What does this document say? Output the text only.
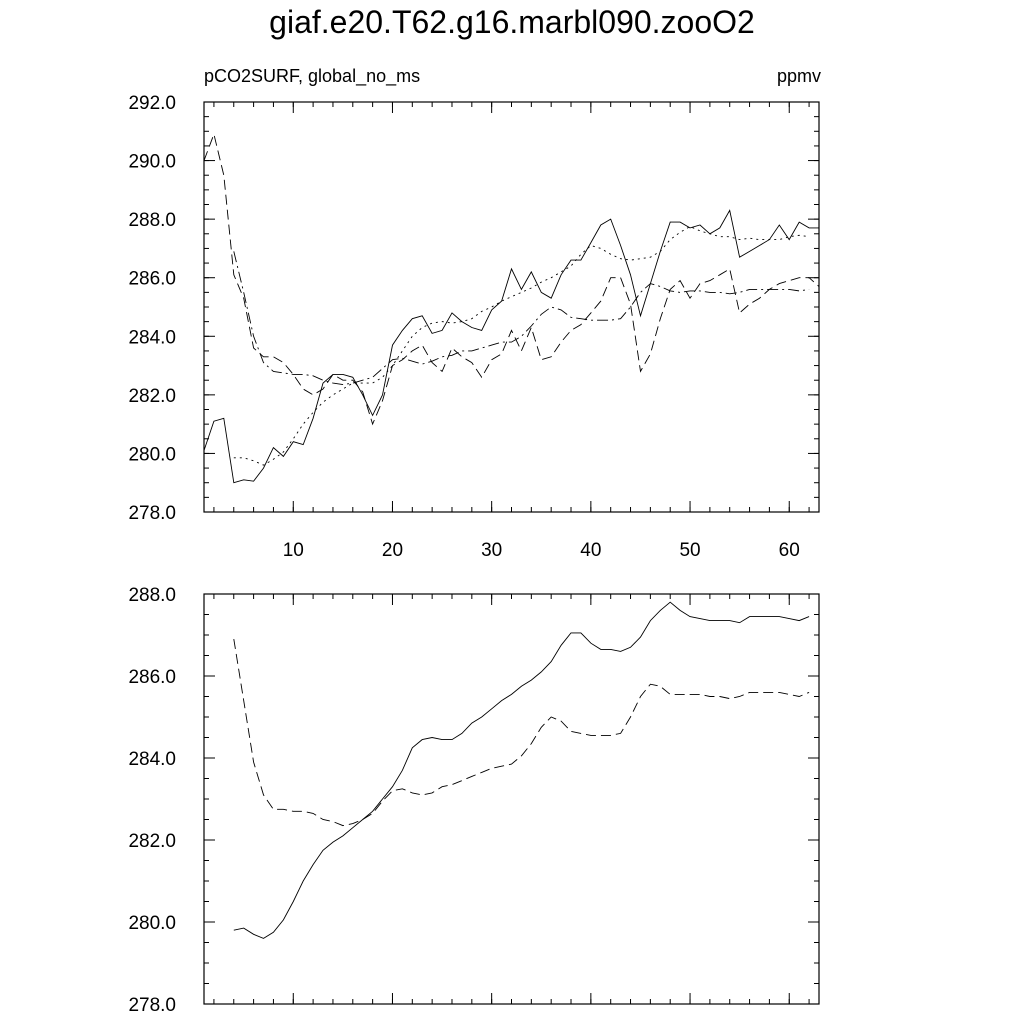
giaf.e20.T62.g16.marbl090.zooO2
pCO2SURF, global_no_ms	ppmv
278.0
280.0
282.0
284.0
286.0
288.0
290.0
292.0
10	20	30	40	50	60
278.0
280.0
282.0
284.0
286.0
288.0
